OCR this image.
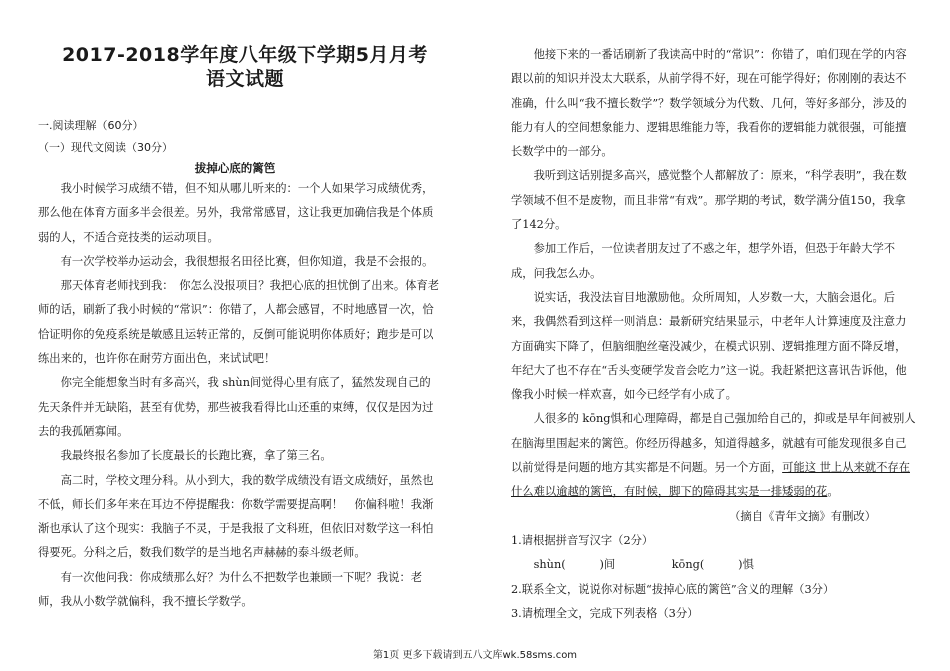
2017-2018学年度八年级下学期5月月考
语文试题
一.阅读理解（60分）
（一）现代文阅读（30分）
拔掉心底的篱笆

我小时候学习成绩不错，但不知从哪儿听来的：一个人如果学习成绩优秀，那么他在体育方面多半会很差。另外，我常常感冒，这让我更加确信我是个体质弱的人，不适合竞技类的运动项目。

有一次学校举办运动会，我很想报名田径比赛，但你知道，我是不会报的。

那天体育老师找到我：　你怎么没报项目？我把心底的担忧倒了出来。体育老师的话，刷新了我小时候的“常识”：你错了，人都会感冒，不时地感冒一次，恰恰证明你的免疫系统是敏感且运转正常的，反倒可能说明你体质好；跑步是可以练出来的，也许你在耐劳方面出色，来试试吧！

你完全能想象当时有多高兴，我 shùn间觉得心里有底了，猛然发现自己的先天条件并无缺陷，甚至有优势，那些被我看得比山还重的束缚，仅仅是因为过去的我孤陋寡闻。

我最终报名参加了长度最长的长跑比赛，拿了第三名。

高二时，学校文理分科。从小到大，我的数学成绩没有语文成绩好，虽然也不低，师长们多年来在耳边不停提醒我：你数学需要提高啊！　你偏科啦！我渐渐也承认了这个现实：我脑子不灵，于是我报了文科班，但依旧对数学这一科怕得要死。分科之后，数我们数学的是当地名声赫赫的泰斗级老师。

有一次他问我：你成绩那么好？为什么不把数学也兼顾一下呢？我说：老师，我从小数学就偏科，我不擅长学数学。

他接下来的一番话刷新了我读高中时的“常识”：你错了，咱们现在学的内容跟以前的知识并没太大联系，从前学得不好，现在可能学得好；你刚刚的表达不准确，什么叫“我不擅长数学”？数学领域分为代数、几何，等好多部分，涉及的能力有人的空间想象能力、逻辑思维能力等，我看你的逻辑能力就很强，可能擅长数学中的一部分。

我听到这话别提多高兴，感觉整个人都解放了：原来，“科学表明”，我在数学领域不但不是废物，而且非常“有戏”。那学期的考试，数学满分值150，我拿了142分。

参加工作后，一位读者朋友过了不惑之年，想学外语，但恐于年龄大学不成，问我怎么办。

说实话，我没法盲目地激励他。众所周知，人岁数一大，大脑会退化。后来，我偶然看到这样一则消息：最新研究结果显示，中老年人计算速度及注意力方面确实下降了，但脑细胞丝毫没减少，在模式识别、逻辑推理方面不降反增，年纪大了也不存在“舌头变硬学发音会吃力”这一说。我赶紧把这喜讯告诉他，他像我小时候一样欢喜，如今已经学有小成了。

人很多的 kōng惧和心理障碍，都是自己强加给自己的，抑或是早年间被别人在脑海里围起来的篱笆。你经历得越多，知道得越多，就越有可能发现很多自己以前觉得是问题的地方其实都是不问题。另一个方面，可能这 世上从来就不存在什么难以逾越的篱笆，有时候，脚下的障碍其实是一排矮弱的花。

（摘自《青年文摘》有删改）

1.请根据拼音写汉字（2分）

shùn(　　　)间　　　　　kōng(　　　)惧

2.联系全文，说说你对标题“拔掉心底的篱笆”含义的理解（3分）

3.请梳理全文，完成下列表格（3分）

第1页 更多下载请到五八文库wk.58sms.com
